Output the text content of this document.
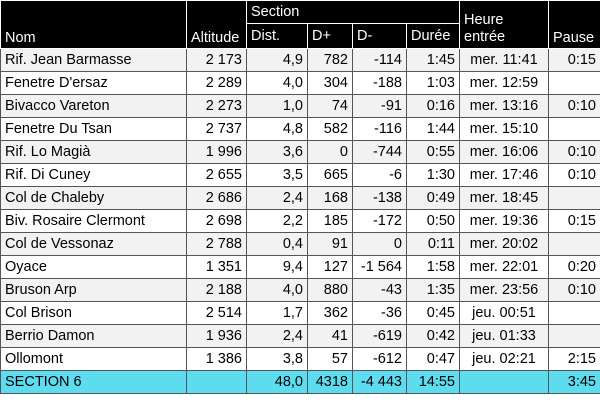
Nom	Altitude	Section				Heure entrée	Pause
		Dist.	D+	D-	Durée		
Rif. Jean Barmasse	2 173	4,9	782	-114	1:45	mer. 11:41	0:15
Fenetre D'ersaz	2 289	4,0	304	-188	1:03	mer. 12:59	
Bivacco Vareton	2 273	1,0	74	-91	0:16	mer. 13:16	0:10
Fenetre Du Tsan	2 737	4,8	582	-116	1:44	mer. 15:10	
Rif. Lo Magià	1 996	3,6	0	-744	0:55	mer. 16:06	0:10
Rif. Di Cuney	2 655	3,5	665	-6	1:30	mer. 17:46	0:10
Col de Chaleby	2 686	2,4	168	-138	0:49	mer. 18:45	
Biv. Rosaire Clermont	2 698	2,2	185	-172	0:50	mer. 19:36	0:15
Col de Vessonaz	2 788	0,4	91	0	0:11	mer. 20:02	
Oyace	1 351	9,4	127	-1 564	1:58	mer. 22:01	0:20
Bruson Arp	2 188	4,0	880	-43	1:35	mer. 23:56	0:10
Col Brison	2 514	1,7	362	-36	0:45	jeu. 00:51	
Berrio Damon	1 936	2,4	41	-619	0:42	jeu. 01:33	
Ollomont	1 386	3,8	57	-612	0:47	jeu. 02:21	2:15
SECTION 6		48,0	4318	-4 443	14:55		3:45
